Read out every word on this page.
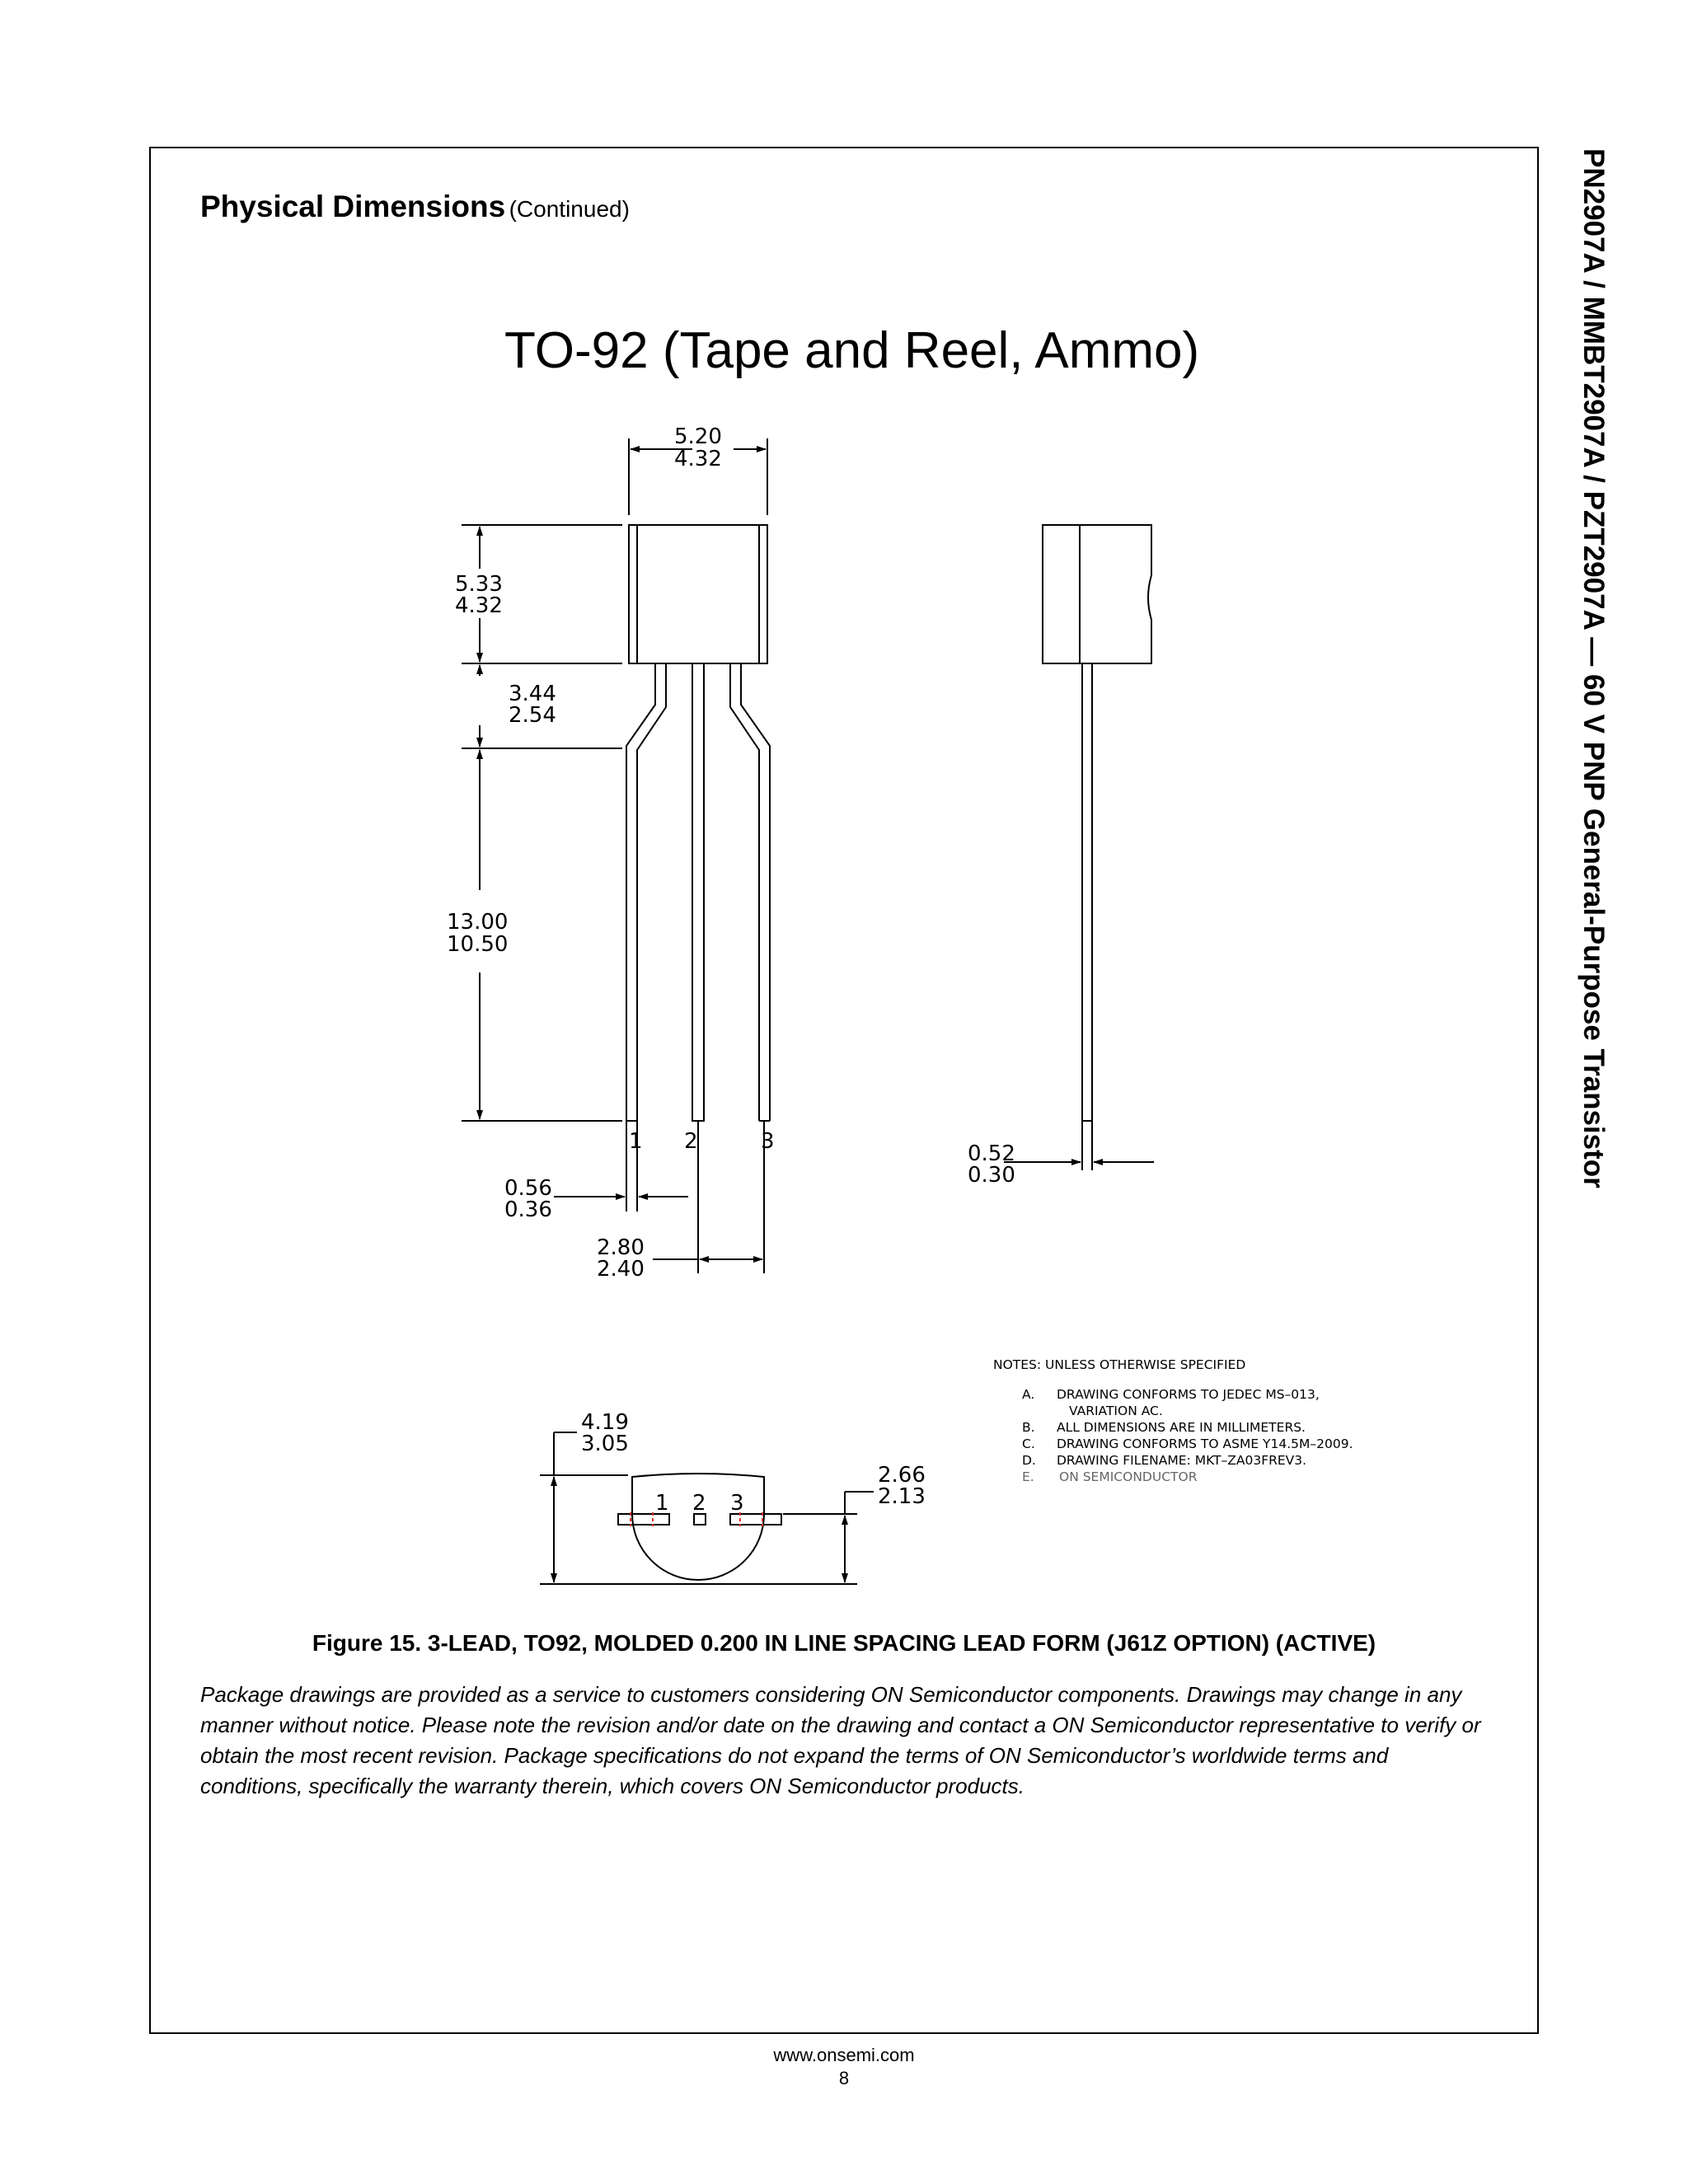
Physical Dimensions (Continued)	PN2907A / MMBT2907A / PZT2907A — 60 V PNP General-Purpose Transistor
TO-92 (Tape and Reel, Ammo)
5.20
4.32
5.33
4.32
3.44
2.54
13.00
10.50
0.56
0.36
2.80
2.40
0.52
0.30
4.19
3.05
2.66
2.13
1 2	3
1 2 3
NOTES: UNLESS OTHERWISE SPECIFIED
A. DRAWING CONFORMS TO JEDEC MS–013,
VARIATION AC.
B. ALL DIMENSIONS ARE IN MILLIMETERS.
C. DRAWING CONFORMS TO ASME Y14.5M–2009.
D. DRAWING FILENAME: MKT–ZA03FREV3.
E. ON SEMICONDUCTOR
Figure 15. 3-LEAD, TO92, MOLDED 0.200 IN LINE SPACING LEAD FORM (J61Z OPTION) (ACTIVE)
Package drawings are provided as a service to customers considering ON Semiconductor components. Drawings may change in any manner without notice. Please note the revision and/or date on the drawing and contact a ON Semiconductor representative to verify or obtain the most recent revision. Package specifications do not expand the terms of ON Semiconductor’s worldwide terms and conditions, specifically the warranty therein, which covers ON Semiconductor products.
www.onsemi.com
8
